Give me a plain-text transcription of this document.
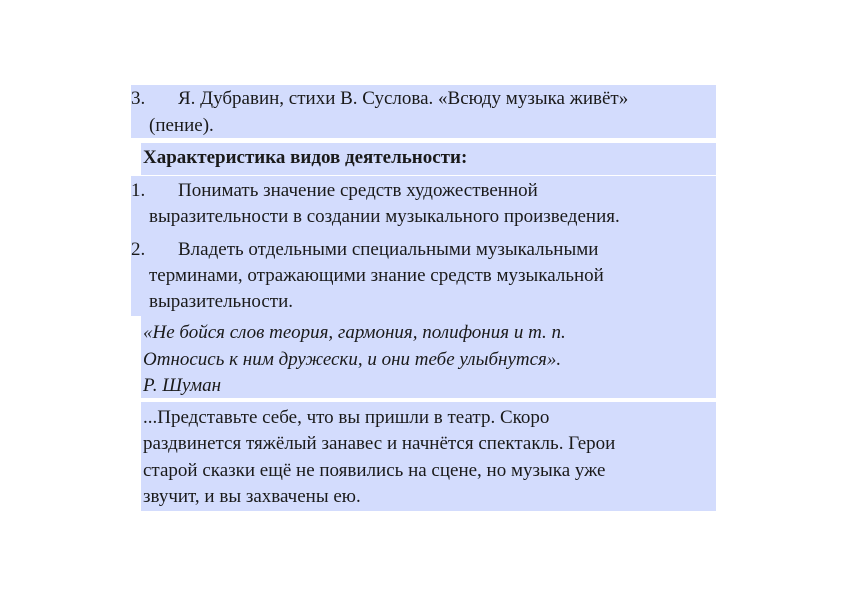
3. Я. Дубравин, стихи В. Суслова. «Всюду музыка живёт»
(пение).
Характеристика видов деятельности:
1. Понимать значение средств художественной
выразительности в создании музыкального произведения.
2. Владеть отдельными специальными музыкальными
терминами, отражающими знание средств музыкальной
выразительности.
«Не бойся слов теория, гармония, полифония и т. п.
Относись к ним дружески, и они тебе улыбнутся».
Р. Шуман
...Представьте себе, что вы пришли в театр. Скоро
раздвинется тяжёлый занавес и начнётся спектакль. Герои
старой сказки ещё не появились на сцене, но музыка уже
звучит, и вы захвачены ею.
